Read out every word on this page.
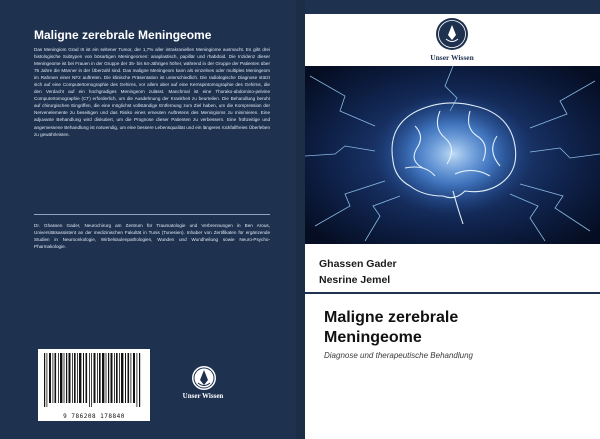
Maligne zerebrale Meningeome

Das Meningiom Grad III ist ein seltener Tumor, der 1,7% aller intrakraniellen Meningiome ausmacht. Es gibt drei histologische Subtypen von bösartigen Meningeomen: anaplastisch, papillär und rhabdoid. Die Inzidenz dieser Meningeome ist bei Frauen in der Gruppe der 35- bis 64-Jährigen höher, während in der Gruppe der Patienten über 75 Jahre die Männer in der Überzahl sind. Das maligne Meningeom kann als einzelnes oder multiples Meningeom im Rahmen einer NF2 auftreten. Die klinische Präsentation ist unterschiedlich. Die radiologische Diagnose stützt sich auf eine Computertomographie des Gehirns, vor allem aber auf eine Kernspintomographie des Gehirns, die den Verdacht auf ein hochgradiges Meningeom zulässt. Manchmal ist eine Thorako-abdomino-pelvine Computertomographie (CT) erforderlich, um die Ausdehnung der Krankheit zu beurteilen. Die Behandlung beruht auf chirurgischen Eingriffen, die eine möglichst vollständige Entfernung zum Ziel haben, um die Kompression der Nervenelemente zu beseitigen und das Risiko eines erneuten Auftretens des Meningioms zu minimieren. Eine adjuvante Behandlung wird diskutiert, um die Prognose dieser Patienten zu verbessern. Eine frühzeitige und angemessene Behandlung ist notwendig, um eine bessere Lebensqualität und ein längeres rückfallfreies Überleben zu gewährleisten.

Dr. Ghassen Gader, Neurochirurg am Zentrum für Traumatologie und Verbrennungen in Ben Arous, Universitätsassistent an der medizinischen Fakultät in Tunis (Tunesien). Inhaber von Zertifikaten für ergänzende Studien in Neuroonkologie, Wirbelsäulenpathologien, Wunden und Wundheilung sowie Neuro-Psycho-Pharmakologie.

9 786208 178840
Unser Wissen
Unser Wissen
Ghassen Gader
Nesrine Jemel
Maligne zerebrale
Meningeome
Diagnose und therapeutische Behandlung
